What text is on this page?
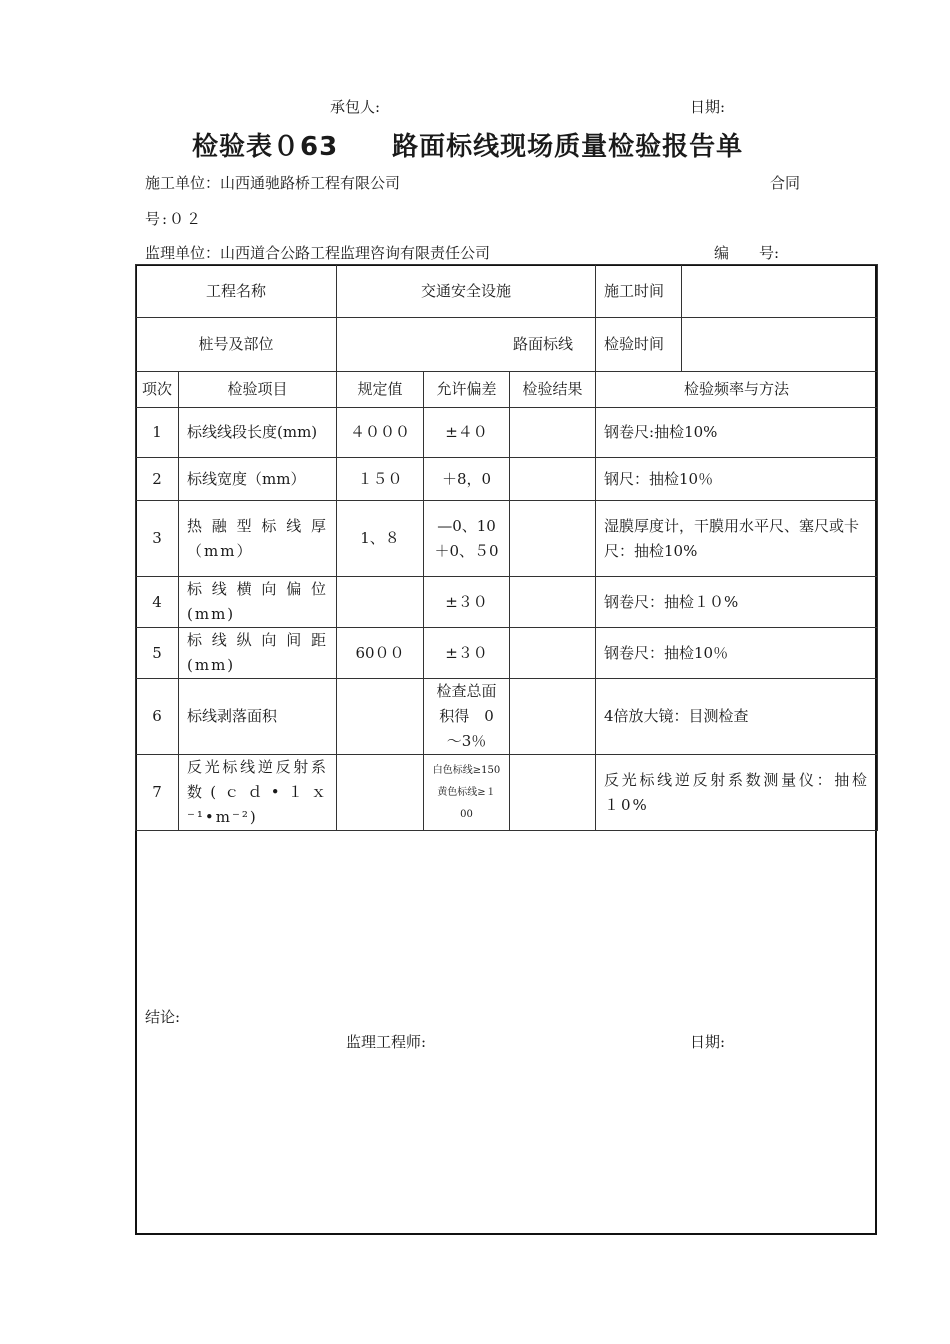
承包人:	日期:
检验表０63　　路面标线现场质量检验报告单
施工单位：山西通驰路桥工程有限公司	合同
号:０２
监理单位：山西道合公路工程监理咨询有限责任公司	编　　号:
工程名称		交通安全设施			施工时间	
桩号及部位		路面标线			检验时间	
项次	检验项目	规定值	允许偏差	检验结果	检验频率与方法	
1	标线线段长度(mm)	４０００	±４０		钢卷尺:抽检10%	
2	标线宽度（mm）	１５０	＋8，0		钢尺：抽检10％	
3	热融型标线厚（mm）	1、８	—0、10＋0、５0		湿膜厚度计，干膜用水平尺、塞尺或卡尺：抽检10%	
4	标线横向偏位(mm)		±３０		钢卷尺：抽检１０%	
5	标线纵向间距(mm)	60００	±３０		钢卷尺：抽检10％	
6	标线剥落面积		检查总面积得　0～3％		4倍放大镜：目测检查	
7	反光标线逆反射系数(ｃｄ•１ｘ⁻¹•m⁻²)		白色标线≥150黄色标线≥１00		反光标线逆反射系数测量仪：抽检１0%	
结论:
监理工程师:	日期:
